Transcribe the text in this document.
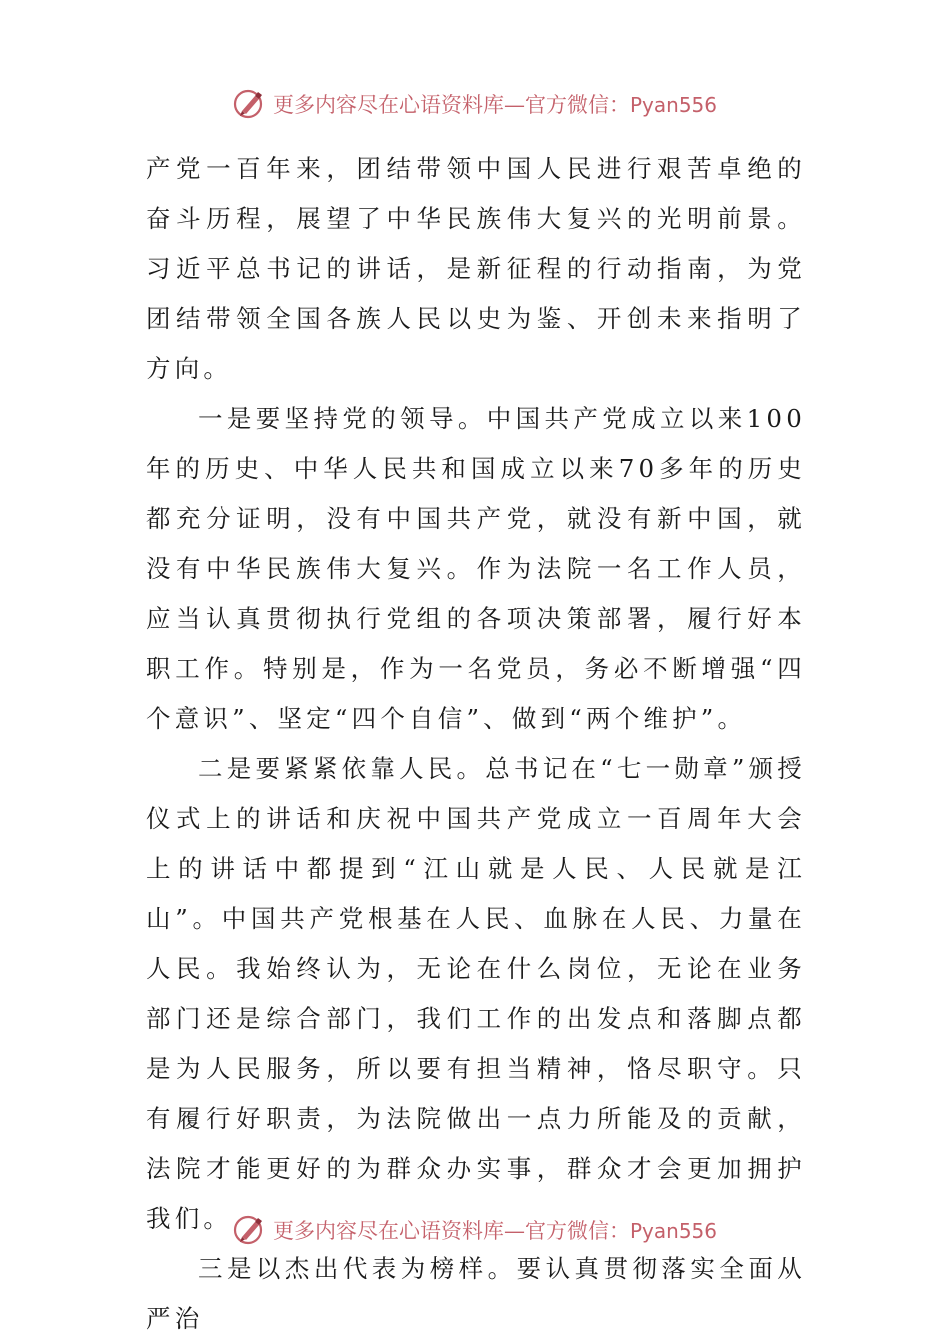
更多内容尽在心语资料库—官方微信：Pyan556

产党一百年来，团结带领中国人民进行艰苦卓绝的奋斗历程，展望了中华民族伟大复兴的光明前景。习近平总书记的讲话，是新征程的行动指南，为党团结带领全国各族人民以史为鉴、开创未来指明了方向。

一是要坚持党的领导。中国共产党成立以来100年的历史、中华人民共和国成立以来70多年的历史都充分证明，没有中国共产党，就没有新中国，就没有中华民族伟大复兴。作为法院一名工作人员，应当认真贯彻执行党组的各项决策部署，履行好本职工作。特别是，作为一名党员，务必不断增强“四个意识”、坚定“四个自信”、做到“两个维护”。

二是要紧紧依靠人民。总书记在“七一勋章”颁授仪式上的讲话和庆祝中国共产党成立一百周年大会上的讲话中都提到“江山就是人民、人民就是江山”。中国共产党根基在人民、血脉在人民、力量在人民。我始终认为，无论在什么岗位，无论在业务部门还是综合部门，我们工作的出发点和落脚点都是为人民服务，所以要有担当精神，恪尽职守。只有履行好职责，为法院做出一点力所能及的贡献，法院才能更好的为群众办实事，群众才会更加拥护我们。

三是以杰出代表为榜样。要认真贯彻落实全面从严治

更多内容尽在心语资料库—官方微信：Pyan556
